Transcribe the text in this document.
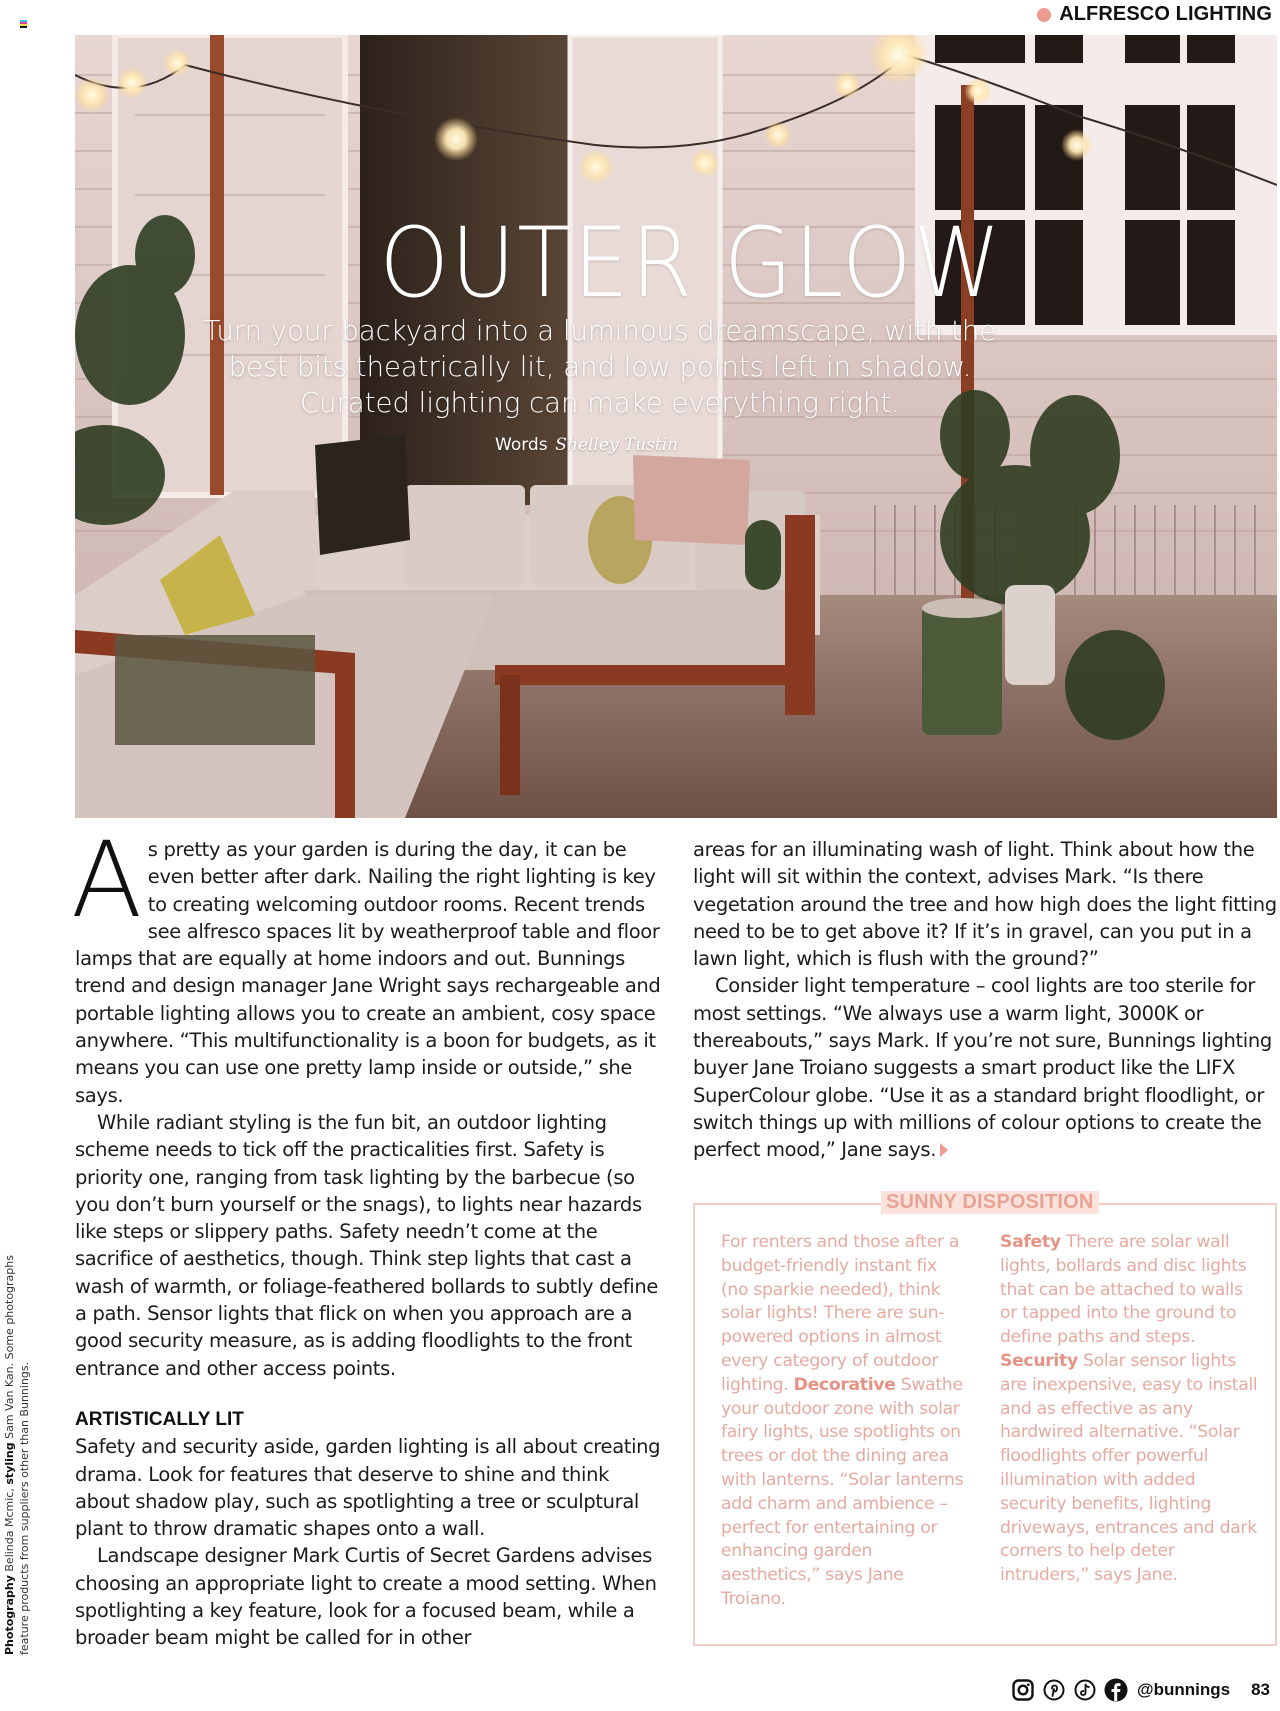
ALFRESCO LIGHTING
OUTER GLOW
Turn your backyard into a luminous dreamscape, with the best bits theatrically lit, and low points left in shadow. Curated lighting can make everything right.
Words Shelley Tustin

As pretty as your garden is during the day, it can be even better after dark. Nailing the right lighting is key to creating welcoming outdoor rooms. Recent trends see alfresco spaces lit by weatherproof table and floor lamps that are equally at home indoors and out. Bunnings trend and design manager Jane Wright says rechargeable and portable lighting allows you to create an ambient, cosy space anywhere. “This multifunctionality is a boon for budgets, as it means you can use one pretty lamp inside or outside,” she says.

While radiant styling is the fun bit, an outdoor lighting scheme needs to tick off the practicalities first. Safety is priority one, ranging from task lighting by the barbecue (so you don’t burn yourself or the snags), to lights near hazards like steps or slippery paths. Safety needn’t come at the sacrifice of aesthetics, though. Think step lights that cast a wash of warmth, or foliage-feathered bollards to subtly define a path. Sensor lights that flick on when you approach are a good security measure, as is adding floodlights to the front entrance and other access points.

ARTISTICALLY LIT

Safety and security aside, garden lighting is all about creating drama. Look for features that deserve to shine and think about shadow play, such as spotlighting a tree or sculptural plant to throw dramatic shapes onto a wall.

Landscape designer Mark Curtis of Secret Gardens advises choosing an appropriate light to create a mood setting. When spotlighting a key feature, look for a focused beam, while a broader beam might be called for in other

areas for an illuminating wash of light. Think about how the light will sit within the context, advises Mark. “Is there vegetation around the tree and how high does the light fitting need to be to get above it? If it’s in gravel, can you put in a lawn light, which is flush with the ground?”

Consider light temperature – cool lights are too sterile for most settings. “We always use a warm light, 3000K or thereabouts,” says Mark. If you’re not sure, Bunnings lighting buyer Jane Troiano suggests a smart product like the LIFX SuperColour globe. “Use it as a standard bright floodlight, or switch things up with millions of colour options to create the perfect mood,” Jane says.

SUNNY DISPOSITION
For renters and those after a budget-friendly instant fix (no sparkie needed), think solar lights! There are sun-powered options in almost every category of outdoor lighting. Decorative Swathe your outdoor zone with solar fairy lights, use spotlights on trees or dot the dining area with lanterns. “Solar lanterns add charm and ambience – perfect for entertaining or enhancing garden aesthetics,” says Jane Troiano.
Safety There are solar wall lights, bollards and disc lights that can be attached to walls or tapped into the ground to define paths and steps. Security Solar sensor lights are inexpensive, easy to install and as effective as any hardwired alternative. “Solar floodlights offer powerful illumination with added security benefits, lighting driveways, entrances and dark corners to help deter intruders,” says Jane.
Photography Belinda Mcmic, styling Sam Van Kan. Some photographs feature products from suppliers other than Bunnings.
@bunnings 83
